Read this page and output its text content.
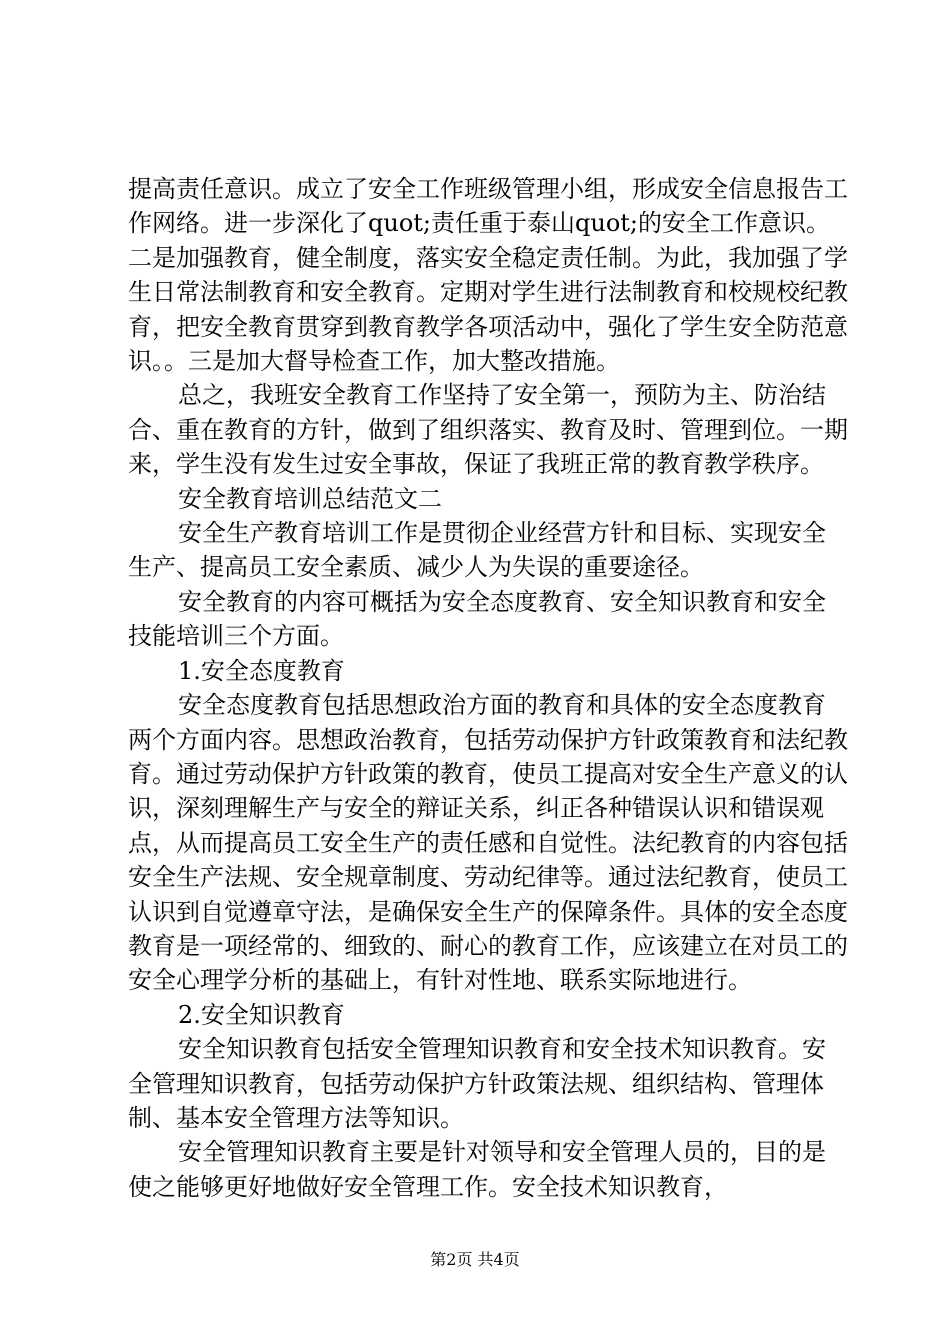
提高责任意识。成立了安全工作班级管理小组，形成安全信息报告工作网络。进一步深化了quot;责任重于泰山quot;的安全工作意识。二是加强教育，健全制度，落实安全稳定责任制。为此，我加强了学生日常法制教育和安全教育。定期对学生进行法制教育和校规校纪教育，把安全教育贯穿到教育教学各项活动中，强化了学生安全防范意识。。三是加大督导检查工作，加大整改措施。

总之，我班安全教育工作坚持了安全第一，预防为主、防治结合、重在教育的方针，做到了组织落实、教育及时、管理到位。一期来，学生没有发生过安全事故，保证了我班正常的教育教学秩序。

安全教育培训总结范文二

安全生产教育培训工作是贯彻企业经营方针和目标、实现安全生产、提高员工安全素质、减少人为失误的重要途径。

安全教育的内容可概括为安全态度教育、安全知识教育和安全技能培训三个方面。

1.安全态度教育

安全态度教育包括思想政治方面的教育和具体的安全态度教育两个方面内容。思想政治教育，包括劳动保护方针政策教育和法纪教育。通过劳动保护方针政策的教育，使员工提高对安全生产意义的认识，深刻理解生产与安全的辩证关系，纠正各种错误认识和错误观点，从而提高员工安全生产的责任感和自觉性。法纪教育的内容包括安全生产法规、安全规章制度、劳动纪律等。通过法纪教育，使员工认识到自觉遵章守法，是确保安全生产的保障条件。具体的安全态度教育是一项经常的、细致的、耐心的教育工作，应该建立在对员工的安全心理学分析的基础上，有针对性地、联系实际地进行。

2.安全知识教育

安全知识教育包括安全管理知识教育和安全技术知识教育。安全管理知识教育，包括劳动保护方针政策法规、组织结构、管理体制、基本安全管理方法等知识。

安全管理知识教育主要是针对领导和安全管理人员的，目的是使之能够更好地做好安全管理工作。安全技术知识教育，

第2页 共4页
